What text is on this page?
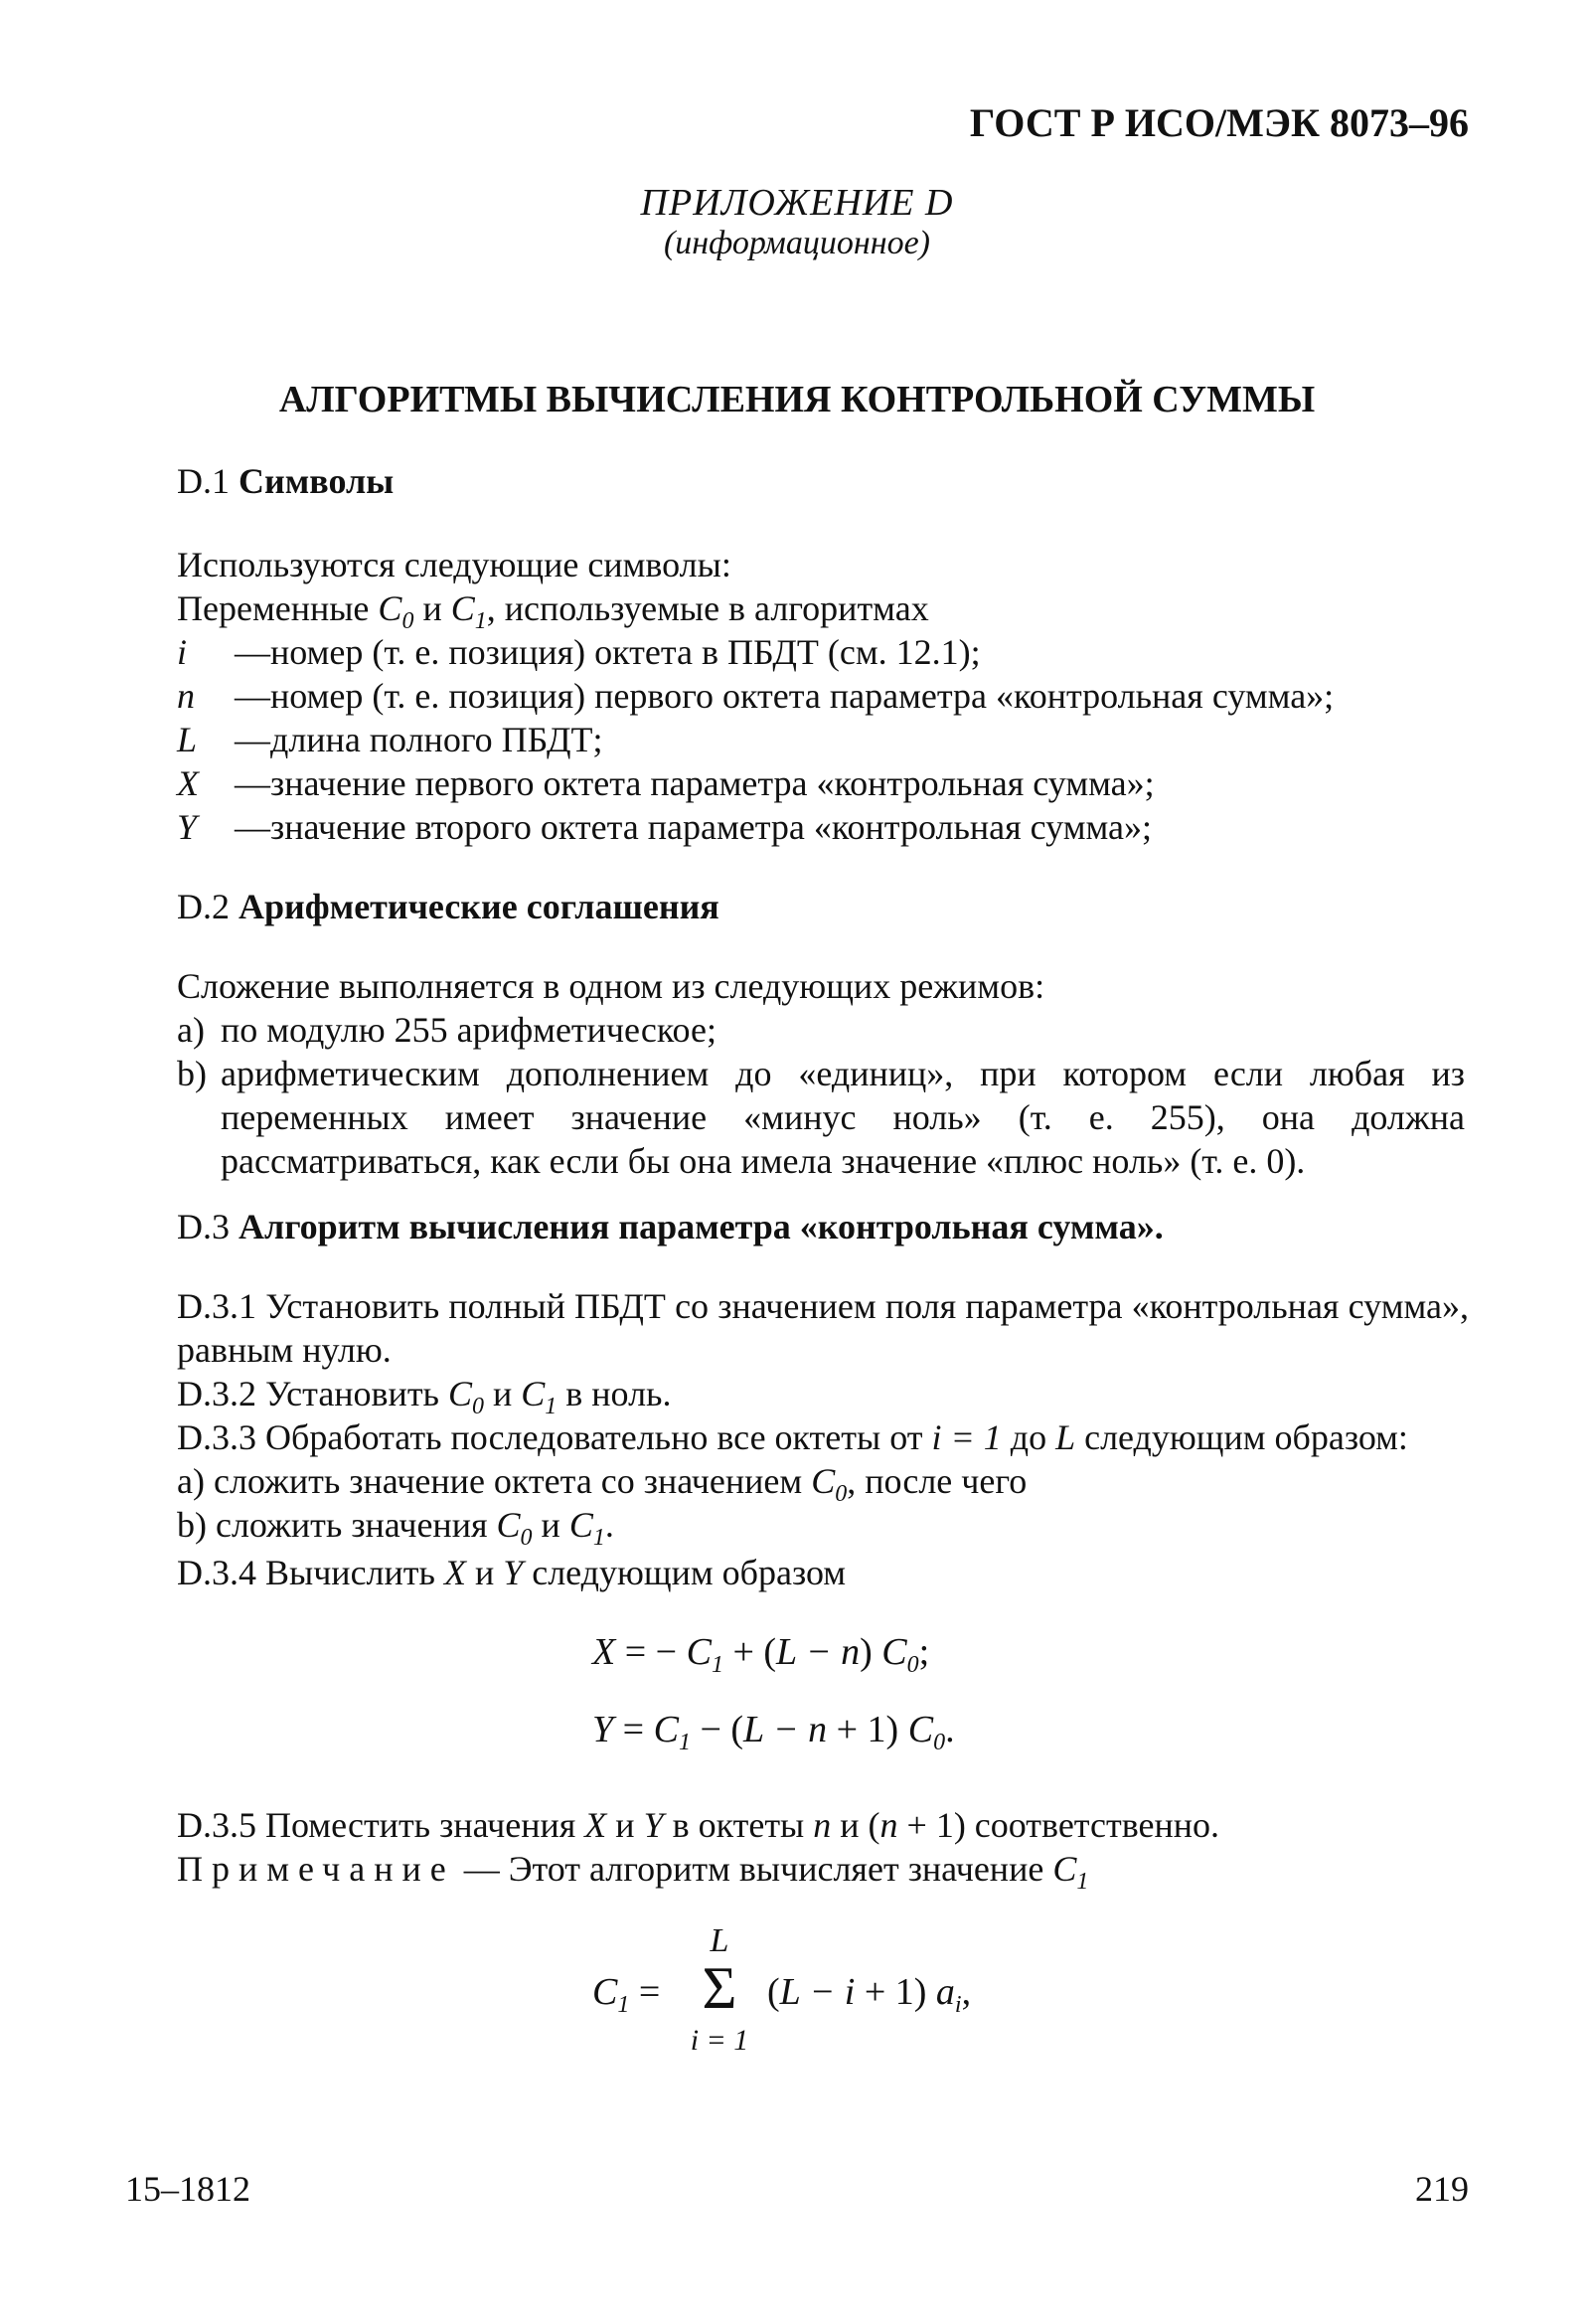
ГОСТ Р ИСО/МЭК 8073–96
ПРИЛОЖЕНИЕ D
(информационное)
АЛГОРИТМЫ ВЫЧИСЛЕНИЯ КОНТРОЛЬНОЙ СУММЫ
D.1 Символы
Используются следующие символы:
Переменные $C_0$ и $C_1$, используемые в алгоритмах
i —номер (т. е. позиция) октета в ПБДТ (см. 12.1);
n —номер (т. е. позиция) первого октета параметра «контрольная сумма»;
L —длина полного ПБДТ;
X —значение первого октета параметра «контрольная сумма»;
Y —значение второго октета параметра «контрольная сумма»;
D.2 Арифметические соглашения
Сложение выполняется в одном из следующих режимов:
a) по модулю 255 арифметическое;
b) арифметическим дополнением до «единиц», при котором если любая из переменных имеет значение «минус ноль» (т. е. 255), она должна рассматриваться, как если бы она имела значение «плюс ноль» (т. е. 0).
D.3 Алгоритм вычисления параметра «контрольная сумма».
D.3.1 Установить полный ПБДТ со значением поля параметра «контрольная сумма», равным нулю.
D.3.2 Установить $C_0$ и $C_1$ в ноль.
D.3.3 Обработать последовательно все октеты от i = 1 до L следующим образом:
a) сложить значение октета со значением $C_0$, после чего
b) сложить значения $C_0$ и $C_1$.
D.3.4 Вычислить X и Y следующим образом
X = − $C_1 + (L - n)$ $C_0$;
$Y = C_1 - (L - n + 1)$ $C_0$.
D.3.5 Поместить значения X и Y в октеты n и (n + 1) соответственно.
Примечание — Этот алгоритм вычисляет значение $C_1$
$C_1$ =
L
Σ
i = 1
(L − i + 1) $a_i$,
15–1812	219
